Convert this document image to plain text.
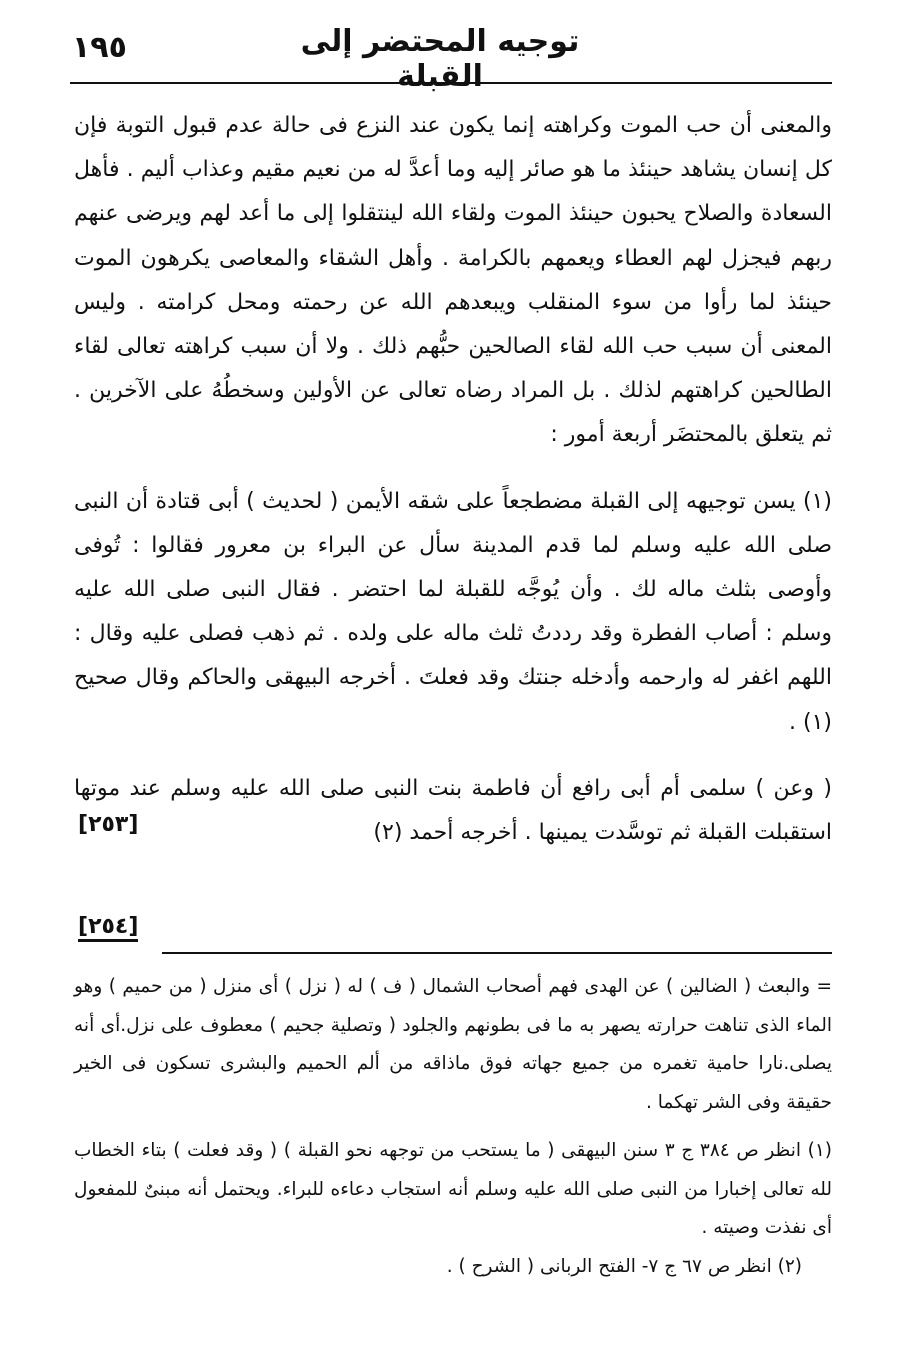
١٩٥	توجيه المحتضر إلى القبلة

والمعنى أن حب الموت وكراهته إنما يكون عند النزع فى حالة عدم قبول التوبة فإن كل إنسان يشاهد حينئذ ما هو صائر إليه وما أعدَّ له من نعيم مقيم وعذاب أليم . فأهل السعادة والصلاح يحبون حينئذ الموت ولقاء الله لينتقلوا إلى ما أعد لهم ويرضى عنهم ربهم فيجزل لهم العطاء ويعمهم بالكرامة . وأهل الشقاء والمعاصى يكرهون الموت حينئذ لما رأوا من سوء المنقلب ويبعدهم الله عن رحمته ومحل كرامته . وليس المعنى أن سبب حب الله لقاء الصالحين حبُّهم ذلك . ولا أن سبب كراهته تعالى لقاء الطالحين كراهتهم لذلك . بل المراد رضاه تعالى عن الأولين وسخطُهُ على الآخرين . ثم يتعلق بالمحتضَر أربعة أمور :

(١) يسن توجيهه إلى القبلة مضطجعاً على شقه الأيمن ( لحديث ) أبى قتادة أن النبى صلى الله عليه وسلم لما قدم المدينة سأل عن البراء بن معرور فقالوا : تُوفى وأوصى بثلث ماله لك . وأن يُوجَّه للقبلة لما احتضر . فقال النبى صلى الله عليه وسلم : أصاب الفطرة وقد رددتُ ثلث ماله على ولده . ثم ذهب فصلى عليه وقال : اللهم اغفر له وارحمه وأدخله جنتك وقد فعلتَ . أخرجه البيهقى والحاكم وقال صحيح (١) .

( وعن ) سلمى أم أبى رافع أن فاطمة بنت النبى صلى الله عليه وسلم عند موتها استقبلت القبلة ثم توسَّدت يمينها . أخرجه أحمد (٢)

[٢٥٣]
[٢٥٤]

= والبعث ( الضالين ) عن الهدى فهم أصحاب الشمال ( ف ) له ( نزل ) أى منزل ( من حميم ) وهو الماء الذى تناهت حرارته يصهر به ما فى بطونهم والجلود ( وتصلية جحيم ) معطوف على نزل.أى أنه يصلى.نارا حامية تغمره من جميع جهاته فوق ماذاقه من ألم الحميم والبشرى تسكون فى الخير حقيقة وفى الشر تهكما .

(١) انظر ص ٣٨٤ ج ٣ سنن البيهقى ( ما يستحب من توجهه نحو القبلة ) ( وقد فعلت ) بتاء الخطاب لله تعالى إخبارا من النبى صلى الله عليه وسلم أنه استجاب دعاءه للبراء. ويحتمل أنه مبنىٌ للمفعول أى نفذت وصيته .

(٢) انظر ص ٦٧ ج ٧- الفتح الربانى ( الشرح ) .
